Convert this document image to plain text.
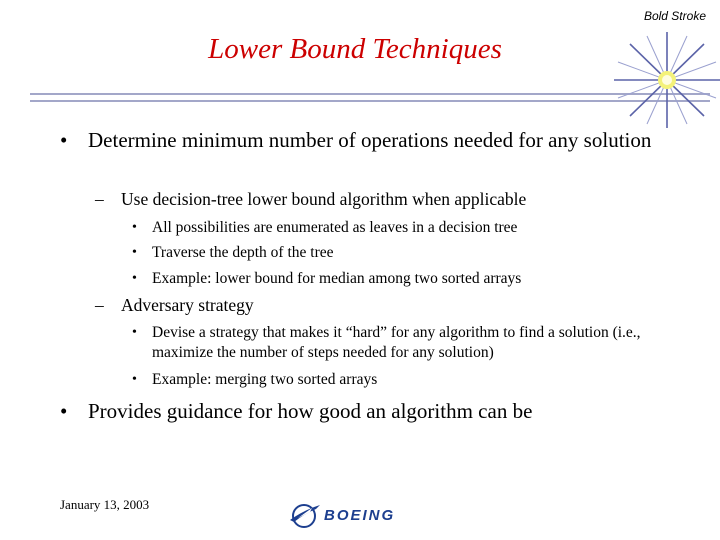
Bold Stroke
Lower Bound Techniques
• Determine minimum number of operations needed for any solution
– Use decision-tree lower bound algorithm when applicable
• All possibilities are enumerated as leaves in a decision tree
• Traverse the depth of the tree
• Example: lower bound for median among two sorted arrays
– Adversary strategy
• Devise a strategy that makes it “hard” for any algorithm to find a solution (i.e., maximize the number of steps needed for any solution)
• Example: merging two sorted arrays
• Provides guidance for how good an algorithm can be
January 13, 2003
BOEING
